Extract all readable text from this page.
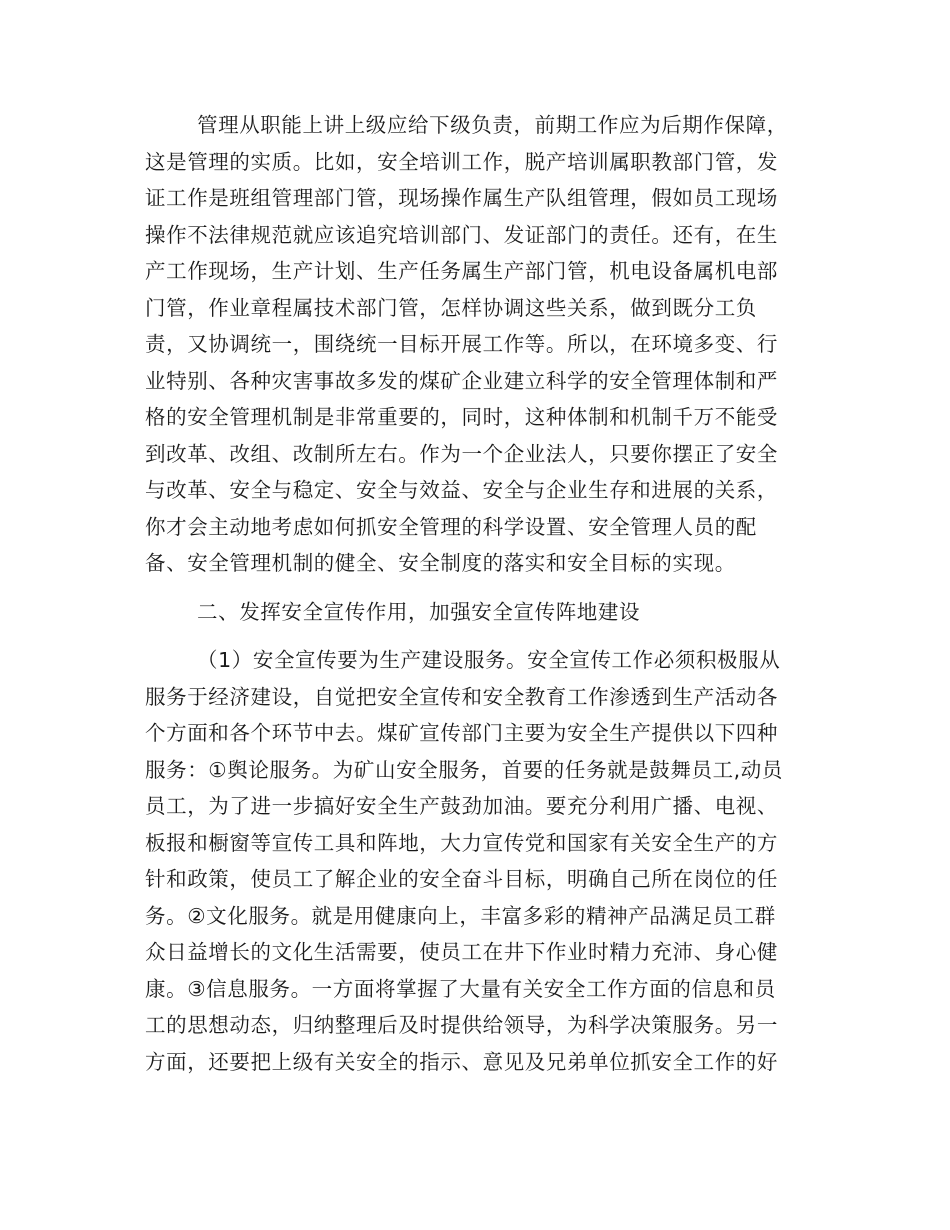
管理从职能上讲上级应给下级负责，前期工作应为后期作保障，
这是管理的实质。比如，安全培训工作，脱产培训属职教部门管，发
证工作是班组管理部门管，现场操作属生产队组管理，假如员工现场
操作不法律规范就应该追究培训部门、发证部门的责任。还有，在生
产工作现场，生产计划、生产任务属生产部门管，机电设备属机电部
门管，作业章程属技术部门管，怎样协调这些关系，做到既分工负
责，又协调统一，围绕统一目标开展工作等。所以，在环境多变、行
业特别、各种灾害事故多发的煤矿企业建立科学的安全管理体制和严
格的安全管理机制是非常重要的，同时，这种体制和机制千万不能受
到改革、改组、改制所左右。作为一个企业法人，只要你摆正了安全
与改革、安全与稳定、安全与效益、安全与企业生存和进展的关系，
你才会主动地考虑如何抓安全管理的科学设置、安全管理人员的配
备、安全管理机制的健全、安全制度的落实和安全目标的实现。
二、发挥安全宣传作用，加强安全宣传阵地建设
（1）安全宣传要为生产建设服务。安全宣传工作必须积极服从
服务于经济建设，自觉把安全宣传和安全教育工作渗透到生产活动各
个方面和各个环节中去。煤矿宣传部门主要为安全生产提供以下四种
服务：①舆论服务。为矿山安全服务，首要的任务就是鼓舞员工,动员
员工，为了进一步搞好安全生产鼓劲加油。要充分利用广播、电视、
板报和橱窗等宣传工具和阵地，大力宣传党和国家有关安全生产的方
针和政策，使员工了解企业的安全奋斗目标，明确自己所在岗位的任
务。②文化服务。就是用健康向上，丰富多彩的精神产品满足员工群
众日益增长的文化生活需要，使员工在井下作业时精力充沛、身心健
康。③信息服务。一方面将掌握了大量有关安全工作方面的信息和员
工的思想动态，归纳整理后及时提供给领导，为科学决策服务。另一
方面，还要把上级有关安全的指示、意见及兄弟单位抓安全工作的好
